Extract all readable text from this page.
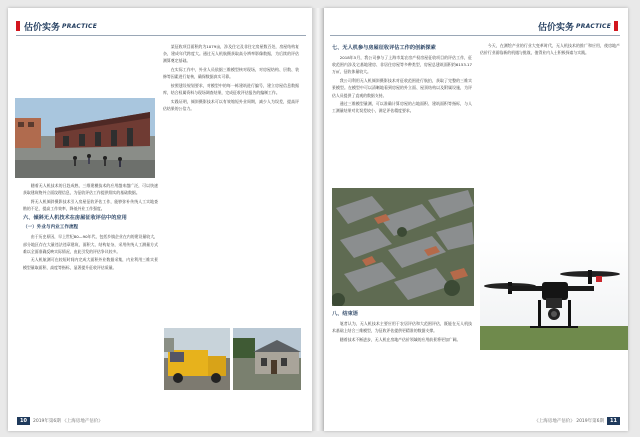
估价实务 PRACTICE

随着无人机技术的日趋成熟，三维建模技术的应用越来越广泛，可以快速获取建筑物外立面纹理信息，为征收评估工作提供翔实的基础数据。

将无人机倾斜摄影技术引入房屋征收评估工作，能够弥补传统人工实地查勘的不足，提高工作效率，降低外业工作强度。

六、倾斜无人机技术在房屋征收评估中的应用
（一）外业与内业工作流程

由于历史原因，早上世纪80—90年代，包括乡镇企业在内的建设量较大，部分地区存在大量违法违章建筑，面积大、结构复杂，采用传统人工测量方式难以全面准确反映实际情况，由此引发的评估争议较多。

无人机航测可在较短时间内完成大面积外业数据采集，内业利用三维实景模型量取面积、高度等指标，显著提升征收评估质量。

某征收项目面积约为1079亩，涉及住宅及非住宅房屋数百处，房屋结构复杂，建成年代跨度大。通过无人机航摄获取高分辨率影像数据，为后续的评估测算奠定基础。

在实际工作中，外业人员依据三维模型核对现场，对房屋结构、层数、装修等因素进行复核，确保数据真实可靠。

按照建设规划要求，对模型中的每一栋建筑进行编号，建立房屋信息数据库，结合权属资料与现场调查结果，完成征收评估报告的编制工作。

实践证明，倾斜摄影技术可以有效缩短外业周期，减少人为误差，提高评估结果的公信力。

10	2019年第6期 《上海房地产估价》
估价实务 PRACTICE
七、无人机参与房屋征收评估工作的创新探索

2018年5月，我公司参与了上海市某农房产权房屋征收项目的评估工作，征收范围内涉及宅基地建房、非居住房屋等多种类型，房屋总建筑面积约6153.17万㎡，征收体量较大。

我公司利用无人机倾斜摄影技术对征收范围进行航拍，获取了完整的三维实景模型。在模型中可以清晰地看到房屋的外立面、屋顶结构以及附属设施，为评估人员提供了直观的数据支持。

通过三维模型量测，可以准确计算房屋的占地面积、建筑面积等指标，与人工测量结果对比误差较小，满足评估精度要求。

八、结束语

笔者认为，无人机技术主要应用于农居评估和大范围评估，既能在无人机技术基础上结合三维模型，为征收评估提供更精准的数据支撑。

随着技术不断进步，无人机在房地产估价领域的应用前景将更加广阔。

今天，在测绘产业的行业大变革时代，无人机技术的推广和应用，使房地产估价行业面临新的机遇与挑战，值得业内人士积极探索与实践。

《上海房地产估价》 2019年第6期	11
